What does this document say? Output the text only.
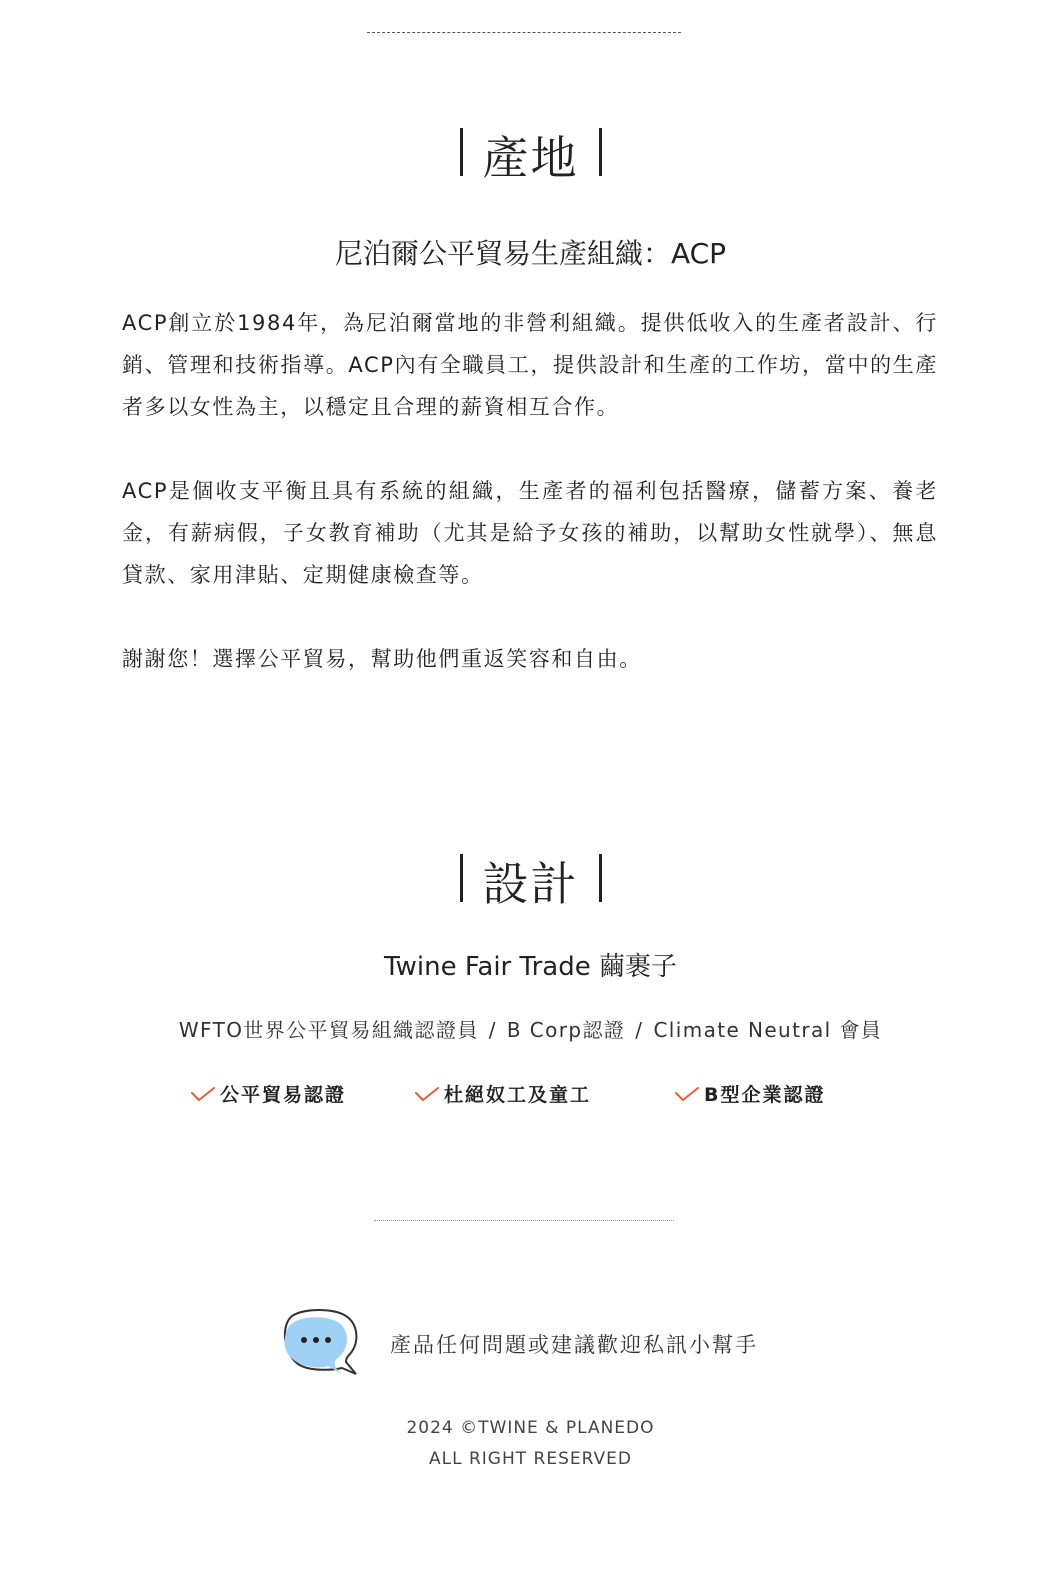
產地
尼泊爾公平貿易生產組織：ACP
ACP創立於1984年，為尼泊爾當地的非營利組織。提供低收入的生產者設計、行銷、管理和技術指導。ACP內有全職員工，提供設計和生產的工作坊，當中的生產者多以女性為主，以穩定且合理的薪資相互合作。
ACP是個收支平衡且具有系統的組織，生產者的福利包括醫療，儲蓄方案、養老金，有薪病假，子女教育補助（尤其是給予女孩的補助，以幫助女性就學）、無息貸款、家用津貼、定期健康檢查等。
謝謝您！選擇公平貿易，幫助他們重返笑容和自由。
設計
Twine Fair Trade 繭裹子
WFTO世界公平貿易組織認證員 / B Corp認證 / Climate Neutral 會員
公平貿易認證	杜絕奴工及童工	B型企業認證
產品任何問題或建議歡迎私訊小幫手
2024 ©TWINE & PLANEDO
ALL RIGHT RESERVED
